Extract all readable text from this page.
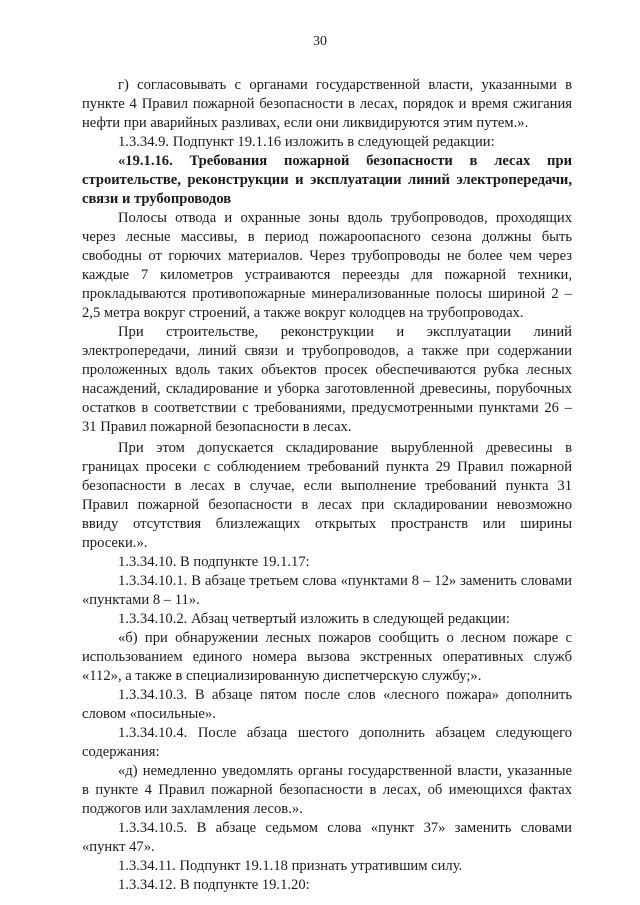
30

г) согласовывать с органами государственной власти, указанными в пункте 4 Правил пожарной безопасности в лесах, порядок и время сжигания нефти при аварийных разливах, если они ликвидируются этим путем.».

1.3.34.9. Подпункт 19.1.16 изложить в следующей редакции:

«19.1.16. Требования пожарной безопасности в лесах при строительстве, реконструкции и эксплуатации линий электропередачи, связи и трубопроводов

Полосы отвода и охранные зоны вдоль трубопроводов, проходящих через лесные массивы, в период пожароопасного сезона должны быть свободны от горючих материалов. Через трубопроводы не более чем через каждые 7 километров устраиваются переезды для пожарной техники, прокладываются противопожарные минерализованные полосы шириной 2 – 2,5 метра вокруг строений, а также вокруг колодцев на трубопроводах.

При строительстве, реконструкции и эксплуатации линий электропередачи, линий связи и трубопроводов, а также при содержании проложенных вдоль таких объектов просек обеспечиваются рубка лесных насаждений, складирование и уборка заготовленной древесины, порубочных остатков в соответствии с требованиями, предусмотренными пунктами 26 – 31 Правил пожарной безопасности в лесах.

При этом допускается складирование вырубленной древесины в границах просеки с соблюдением требований пункта 29 Правил пожарной безопасности в лесах в случае, если выполнение требований пункта 31 Правил пожарной безопасности в лесах при складировании невозможно ввиду отсутствия близлежащих открытых пространств или ширины просеки.».

1.3.34.10. В подпункте 19.1.17:

1.3.34.10.1. В абзаце третьем слова «пунктами 8 – 12» заменить словами «пунктами 8 – 11».

1.3.34.10.2. Абзац четвертый изложить в следующей редакции:

«б) при обнаружении лесных пожаров сообщить о лесном пожаре с использованием единого номера вызова экстренных оперативных служб «112», а также в специализированную диспетчерскую службу;».

1.3.34.10.3. В абзаце пятом после слов «лесного пожара» дополнить словом «посильные».

1.3.34.10.4. После абзаца шестого дополнить абзацем следующего содержания:

«д) немедленно уведомлять органы государственной власти, указанные в пункте 4 Правил пожарной безопасности в лесах, об имеющихся фактах поджогов или захламления лесов.».

1.3.34.10.5. В абзаце седьмом слова «пункт 37» заменить словами «пункт 47».

1.3.34.11. Подпункт 19.1.18 признать утратившим силу.

1.3.34.12. В подпункте 19.1.20:
